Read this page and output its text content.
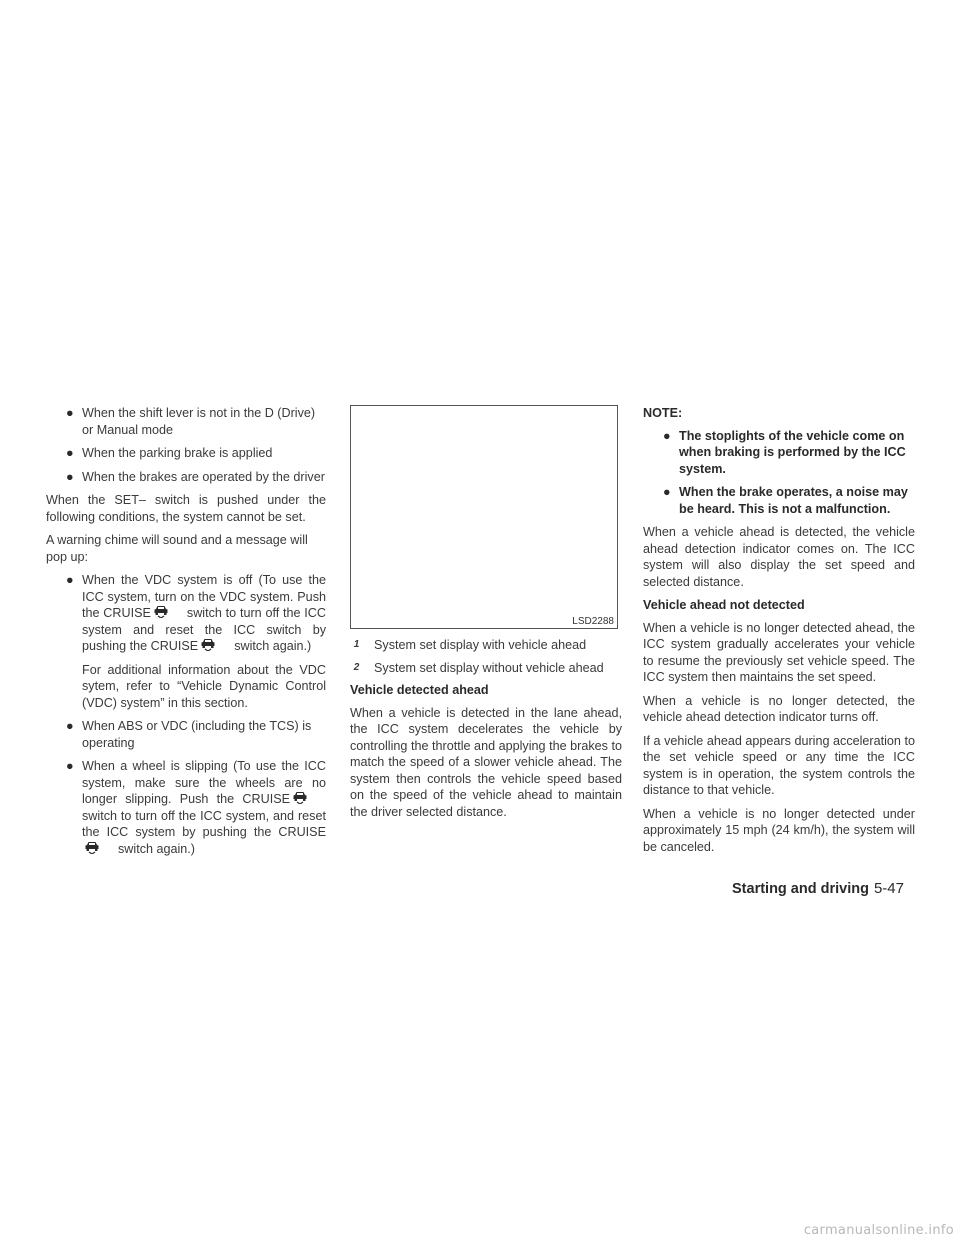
● When the shift lever is not in the D (Drive) or Manual mode
● When the parking brake is applied
● When the brakes are operated by the driver

When the SET– switch is pushed under the following conditions, the system cannot be set.

A warning chime will sound and a message will pop up:

● When the VDC system is off (To use the ICC system, turn on the VDC system. Push the CRUISE	switch to turn off the ICC system and reset the ICC switch by pushing the CRUISE	switch again.)

For additional information about the VDC sytem, refer to “Vehicle Dynamic Control (VDC) system” in this section.

● When ABS or VDC (including the TCS) is operating
● When a wheel is slipping (To use the ICC system, make sure the wheels are no longer slipping. Push the CRUISE
switch to turn off the ICC system, and reset the ICC system by pushing the CRUISE
switch again.)
LSD2288
1 System set display with vehicle ahead
2 System set display without vehicle ahead

Vehicle detected ahead

When a vehicle is detected in the lane ahead, the ICC system decelerates the vehicle by controlling the throttle and applying the brakes to match the speed of a slower vehicle ahead. The system then controls the vehicle speed based on the speed of the vehicle ahead to maintain the driver selected distance.

NOTE:

● The stoplights of the vehicle come on when braking is performed by the ICC system.
● When the brake operates, a noise may be heard. This is not a malfunction.

When a vehicle ahead is detected, the vehicle ahead detection indicator comes on. The ICC system will also display the set speed and selected distance.

Vehicle ahead not detected

When a vehicle is no longer detected ahead, the ICC system gradually accelerates your vehicle to resume the previously set vehicle speed. The ICC system then maintains the set speed.

When a vehicle is no longer detected, the vehicle ahead detection indicator turns off.

If a vehicle ahead appears during acceleration to the set vehicle speed or any time the ICC system is in operation, the system controls the distance to that vehicle.

When a vehicle is no longer detected under approximately 15 mph (24 km/h), the system will be canceled.

Starting and driving 5-47
carmanualsonline.info
